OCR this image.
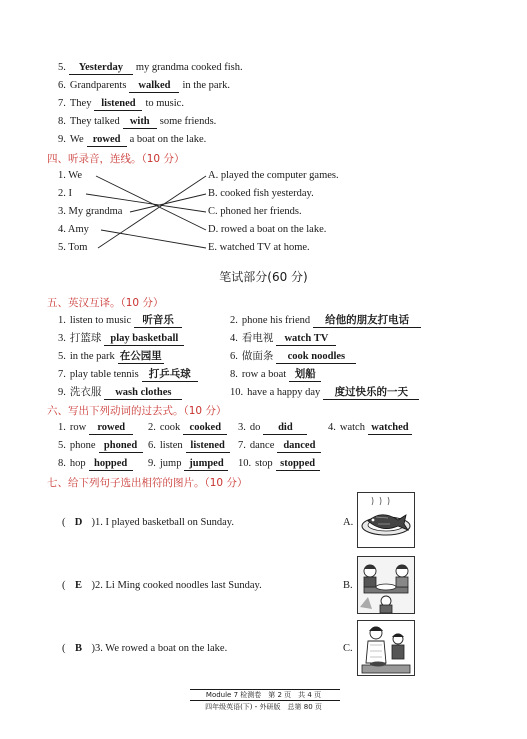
5. Yesterday my grandma cooked fish.
6. Grandparents walked in the park.
7. They listened to music.
8. They talked with some friends.
9. We rowed a boat on the lake.
四、听录音，连线。（10 分）
1. We
2. I
3. My grandma
4. Amy
5. Tom
A. played the computer games.
B. cooked fish yesterday.
C. phoned her friends.
D. rowed a boat on the lake.
E. watched TV at home.
笔试部分(60 分)
五、英汉互译。（10 分）
1. listen to music 听音乐	2. phone his friend 给他的朋友打电话
3. 打篮球 play basketball	4. 看电视 watch TV
5. in the park 在公园里	6. 做面条 cook noodles
7. play table tennis 打乒乓球	8. row a boat 划船
9. 洗衣服 wash clothes	10. have a happy day 度过快乐的一天
六、写出下列动词的过去式。（10 分）
1. row rowed	2. cook cooked	3. do did	4. watch watched
5. phone phoned	6. listen listened	7. dance danced
8. hop hopped	9. jump jumped	10. stop stopped
七、给下列句子选出相符的图片。（10 分）
( D )1. I played basketball on Sunday.	A.
( E )2. Li Ming cooked noodles last Sunday.	B.
( B )3. We rowed a boat on the lake.	C.
Module 7 检测卷　第 2 页　共 4 页
四年级英语(下)・外研版　总第 80 页
